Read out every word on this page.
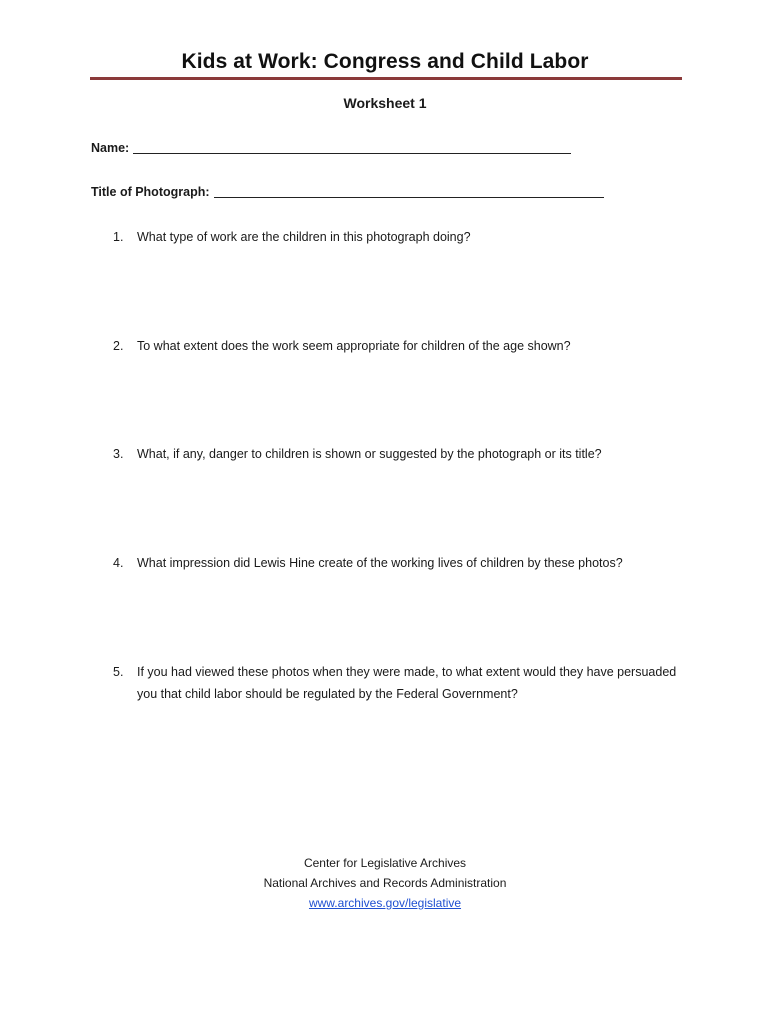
Kids at Work: Congress and Child Labor
Worksheet 1
Name:
Title of Photograph:
1.	What type of work are the children in this photograph doing?
2.	To what extent does the work seem appropriate for children of the age shown?
3.	What, if any, danger to children is shown or suggested by the photograph or its title?
4.	What impression did Lewis Hine create of the working lives of children by these photos?
5.	If you had viewed these photos when they were made, to what extent would they have persuaded you that child labor should be regulated by the Federal Government?
Center for Legislative Archives
National Archives and Records Administration
www.archives.gov/legislative
